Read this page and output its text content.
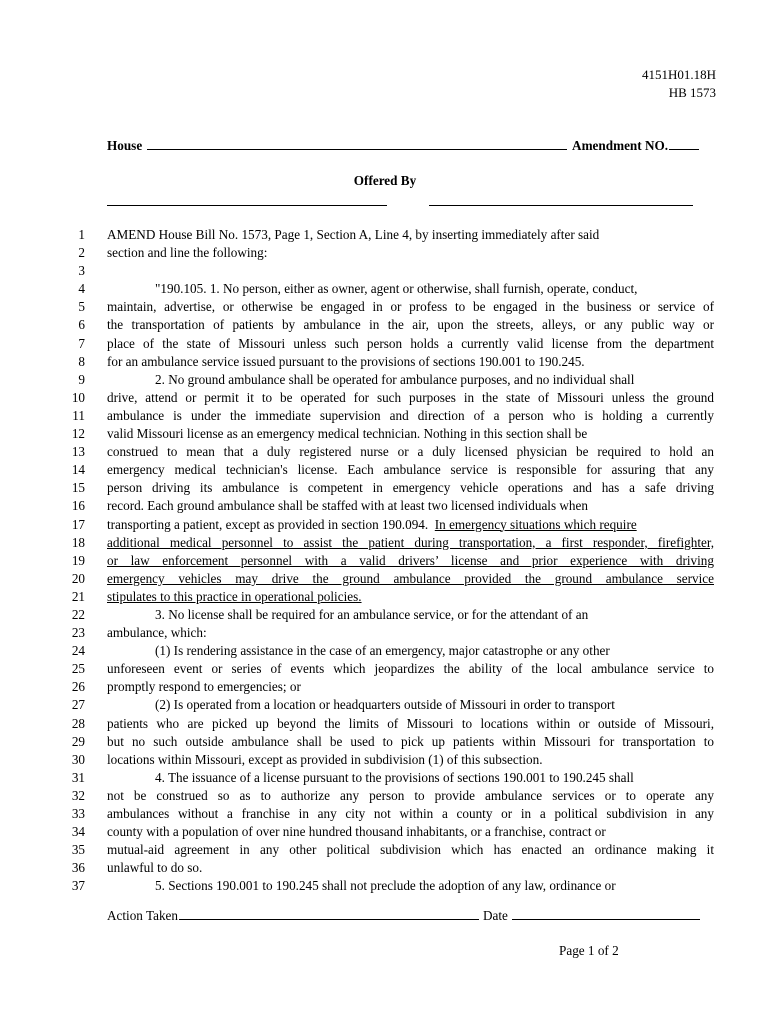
4151H01.18H
HB 1573
House	Amendment NO.
Offered By
1 AMEND House Bill No. 1573, Page 1, Section A, Line 4, by inserting immediately after said
2 section and line the following:
3
4	"190.105. 1. No person, either as owner, agent or otherwise, shall furnish, operate, conduct,
5 maintain, advertise, or otherwise be engaged in or profess to be engaged in the business or service of
6 the transportation of patients by ambulance in the air, upon the streets, alleys, or any public way or
7 place of the state of Missouri unless such person holds a currently valid license from the department
8 for an ambulance service issued pursuant to the provisions of sections 190.001 to 190.245.
9	2. No ground ambulance shall be operated for ambulance purposes, and no individual shall
10 drive, attend or permit it to be operated for such purposes in the state of Missouri unless the ground
11 ambulance is under the immediate supervision and direction of a person who is holding a currently
12 valid Missouri license as an emergency medical technician. Nothing in this section shall be
13 construed to mean that a duly registered nurse or a duly licensed physician be required to hold an
14 emergency medical technician's license. Each ambulance service is responsible for assuring that any
15 person driving its ambulance is competent in emergency vehicle operations and has a safe driving
16 record. Each ground ambulance shall be staffed with at least two licensed individuals when
17 transporting a patient, except as provided in section 190.094.  In emergency situations which require
18 additional medical personnel to assist the patient during transportation, a first responder, firefighter,
19 or law enforcement personnel with a valid drivers’ license and prior experience with driving
20 emergency vehicles may drive the ground ambulance provided the ground ambulance service
21 stipulates to this practice in operational policies.
22	3. No license shall be required for an ambulance service, or for the attendant of an
23 ambulance, which:
24	(1) Is rendering assistance in the case of an emergency, major catastrophe or any other
25 unforeseen event or series of events which jeopardizes the ability of the local ambulance service to
26 promptly respond to emergencies; or
27	(2) Is operated from a location or headquarters outside of Missouri in order to transport
28 patients who are picked up beyond the limits of Missouri to locations within or outside of Missouri,
29 but no such outside ambulance shall be used to pick up patients within Missouri for transportation to
30 locations within Missouri, except as provided in subdivision (1) of this subsection.
31	4. The issuance of a license pursuant to the provisions of sections 190.001 to 190.245 shall
32 not be construed so as to authorize any person to provide ambulance services or to operate any
33 ambulances without a franchise in any city not within a county or in a political subdivision in any
34 county with a population of over nine hundred thousand inhabitants, or a franchise, contract or
35 mutual-aid agreement in any other political subdivision which has enacted an ordinance making it
36 unlawful to do so.
37	5. Sections 190.001 to 190.245 shall not preclude the adoption of any law, ordinance or
Action Taken	Date
Page 1 of 2
